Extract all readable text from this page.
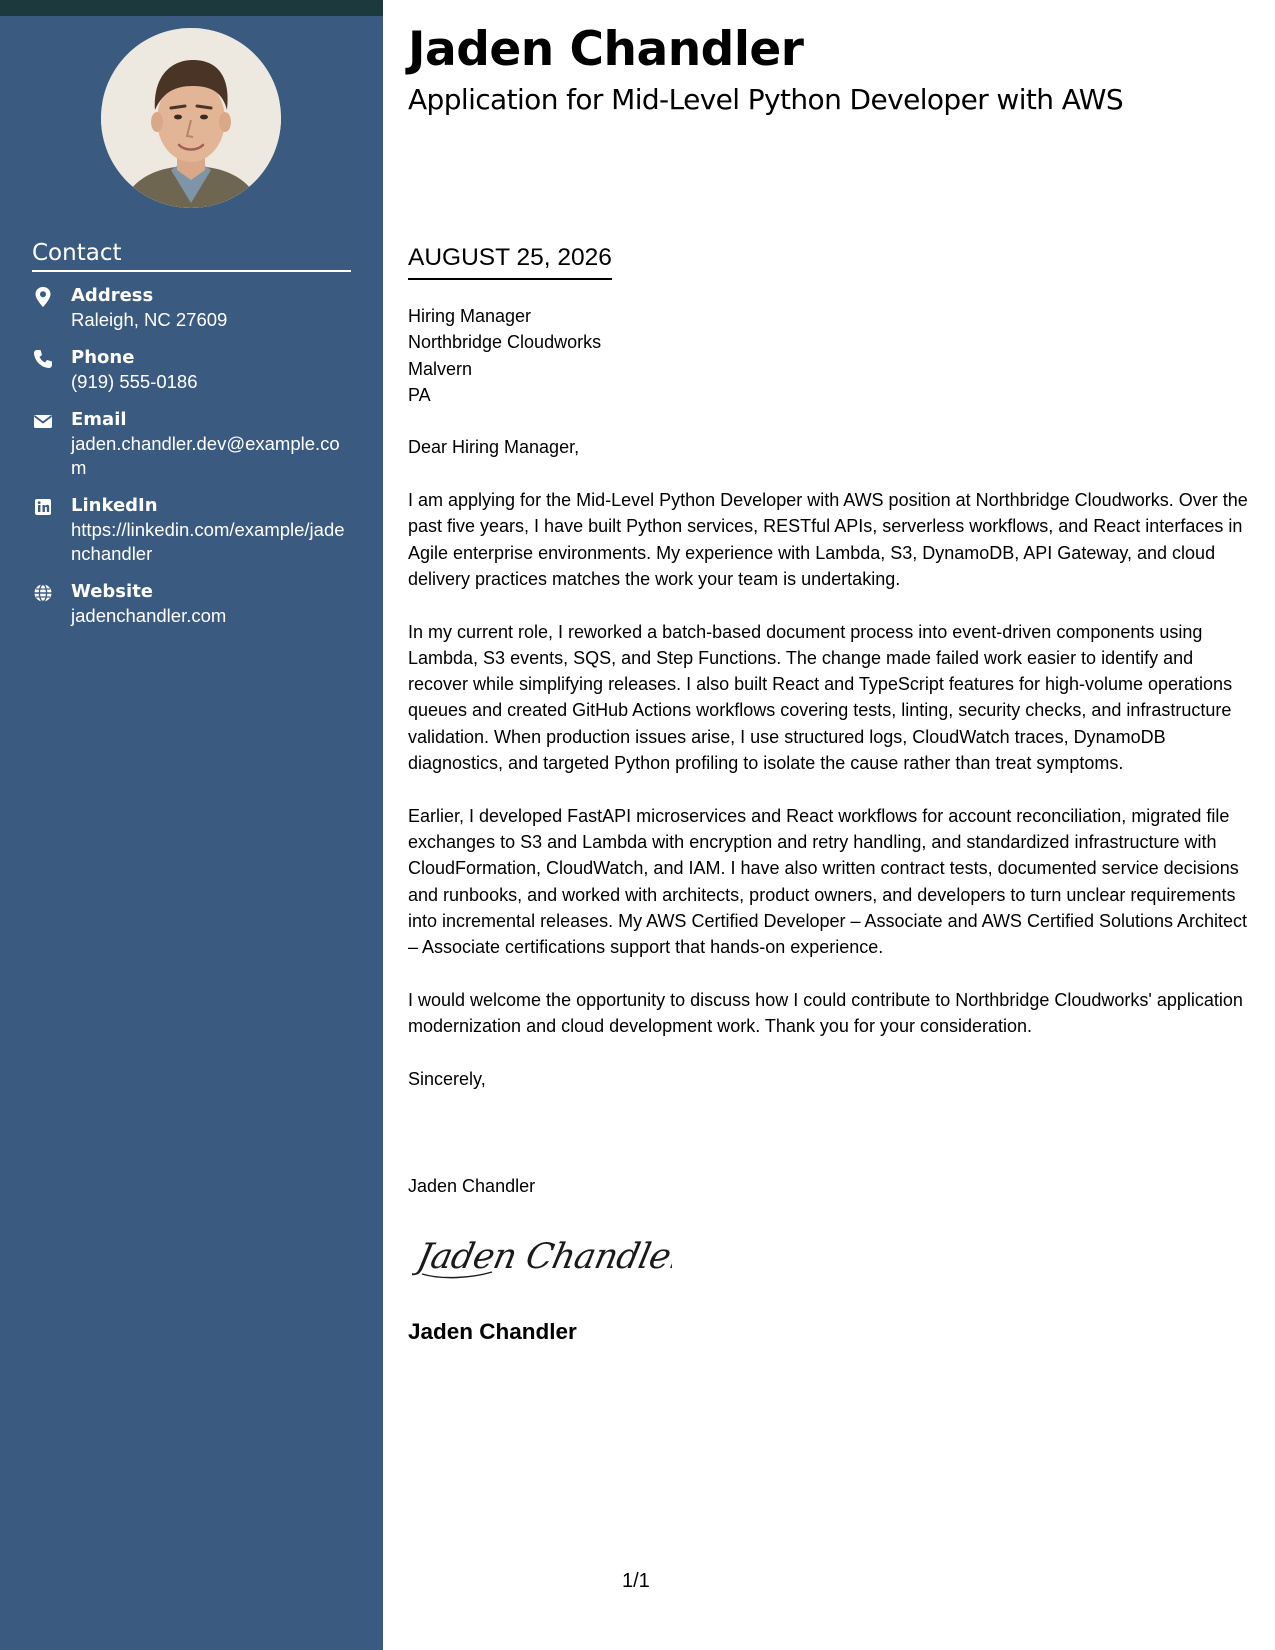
Contact
Address
Raleigh, NC 27609
Phone
(919) 555-0186
Email
jaden.chandler.dev@example.com
LinkedIn
https://linkedin.com/example/jadenchandler
Website
jadenchandler.com
Jaden Chandler
Application for Mid-Level Python Developer with AWS
AUGUST 25, 2026

Hiring Manager
Northbridge Cloudworks
Malvern
PA

Dear Hiring Manager,

I am applying for the Mid-Level Python Developer with AWS position at Northbridge Cloudworks. Over the past five years, I have built Python services, RESTful APIs, serverless workflows, and React interfaces in Agile enterprise environments. My experience with Lambda, S3, DynamoDB, API Gateway, and cloud delivery practices matches the work your team is undertaking.

In my current role, I reworked a batch-based document process into event-driven components using Lambda, S3 events, SQS, and Step Functions. The change made failed work easier to identify and recover while simplifying releases. I also built React and TypeScript features for high-volume operations queues and created GitHub Actions workflows covering tests, linting, security checks, and infrastructure validation. When production issues arise, I use structured logs, CloudWatch traces, DynamoDB diagnostics, and targeted Python profiling to isolate the cause rather than treat symptoms.

Earlier, I developed FastAPI microservices and React workflows for account reconciliation, migrated file exchanges to S3 and Lambda with encryption and retry handling, and standardized infrastructure with CloudFormation, CloudWatch, and IAM. I have also written contract tests, documented service decisions and runbooks, and worked with architects, product owners, and developers to turn unclear requirements into incremental releases. My AWS Certified Developer – Associate and AWS Certified Solutions Architect – Associate certifications support that hands-on experience.

I would welcome the opportunity to discuss how I could contribute to Northbridge Cloudworks' application modernization and cloud development work. Thank you for your consideration.

Sincerely,

Jaden Chandler
Jaden Chandler
Jaden Chandler
1/1
